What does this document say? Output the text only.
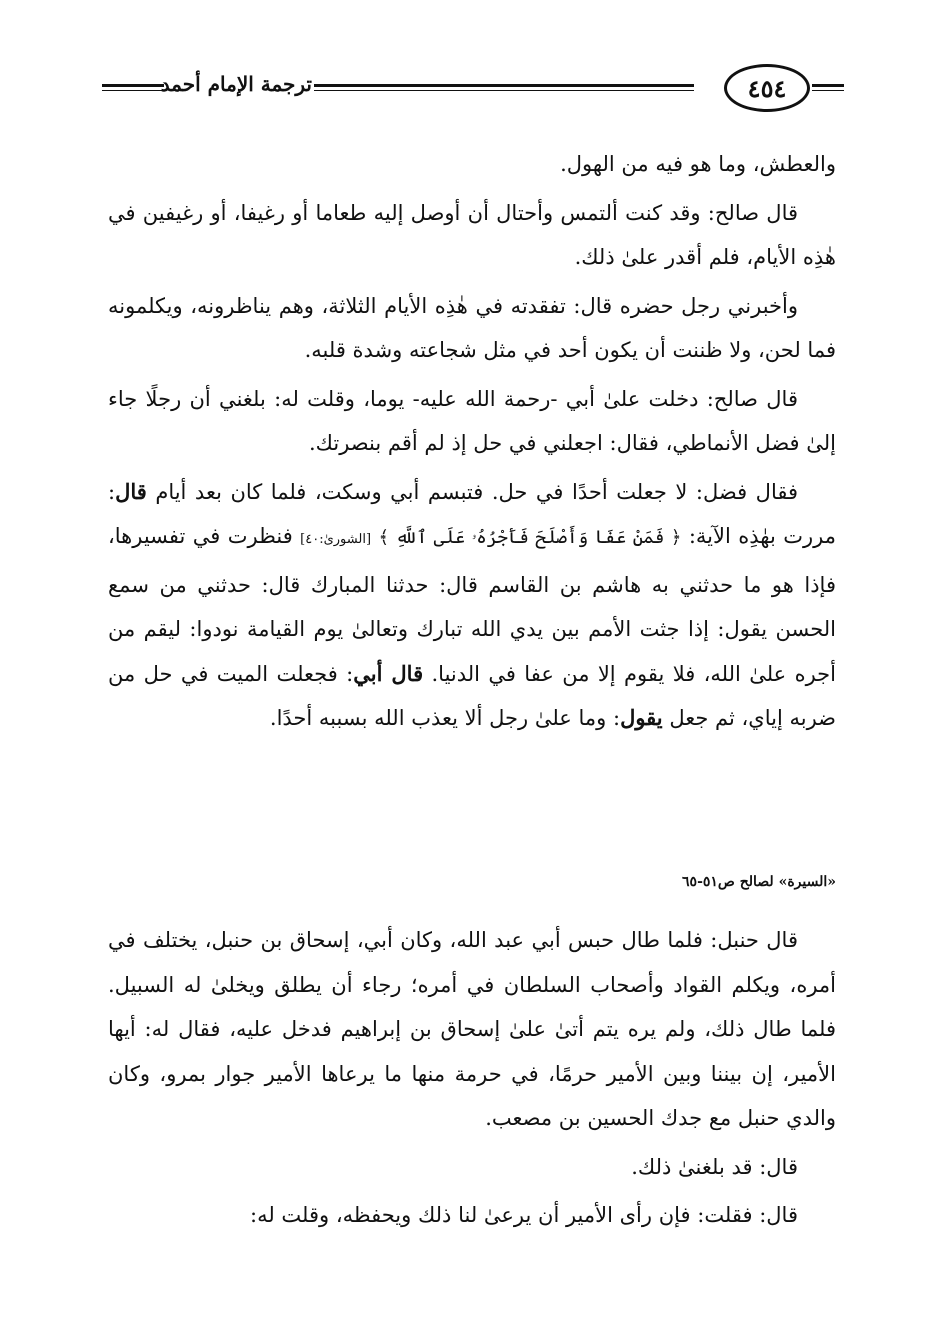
ترجمة الإمام أحمد	٤٥٤

والعطش، وما هو فيه من الهول.

قال صالح: وقد كنت ألتمس وأحتال أن أوصل إليه طعاما أو رغيفا، أو رغيفين في هٰذِه الأيام، فلم أقدر علىٰ ذلك.

وأخبرني رجل حضره قال: تفقدته في هٰذِه الأيام الثلاثة، وهم يناظرونه، ويكلمونه فما لحن، ولا ظننت أن يكون أحد في مثل شجاعته وشدة قلبه.

قال صالح: دخلت علىٰ أبي -رحمة الله عليه- يوما، وقلت له: بلغني أن رجلًا جاء إلىٰ فضل الأنماطي، فقال: اجعلني في حل إذ لم أقم بنصرتك.

فقال فضل: لا جعلت أحدًا في حل. فتبسم أبي وسكت، فلما كان بعد أيام قال: مررت بهٰذِه الآية: ﴿ فَمَنْ عَفَا وَأَصْلَحَ فَأَجْرُهُۥ عَلَى ٱللَّهِ ﴾ [الشورىٰ:٤٠] فنظرت في تفسيرها، فإذا هو ما حدثني به هاشم بن القاسم قال: حدثنا المبارك قال: حدثني من سمع الحسن يقول: إذا جثت الأمم بين يدي الله تبارك وتعالىٰ يوم القيامة نودوا: ليقم من أجره علىٰ الله، فلا يقوم إلا من عفا في الدنيا. قال أبي: فجعلت الميت في حل من ضربه إياي، ثم جعل يقول: وما علىٰ رجل ألا يعذب الله بسببه أحدًا.

«السيرة» لصالح ص٥١-٦٥

قال حنبل: فلما طال حبس أبي عبد الله، وكان أبي، إسحاق بن حنبل، يختلف في أمره، ويكلم القواد وأصحاب السلطان في أمره؛ رجاء أن يطلق ويخلىٰ له السبيل. فلما طال ذلك، ولم يره يتم أتىٰ علىٰ إسحاق بن إبراهيم فدخل عليه، فقال له: أيها الأمير، إن بيننا وبين الأمير حرمًا، في حرمة منها ما يرعاها الأمير جوار بمرو، وكان والدي حنبل مع جدك الحسين بن مصعب.

قال: قد بلغنىٰ ذلك.

قال: فقلت: فإن رأى الأمير أن يرعىٰ لنا ذلك ويحفظه، وقلت له:
